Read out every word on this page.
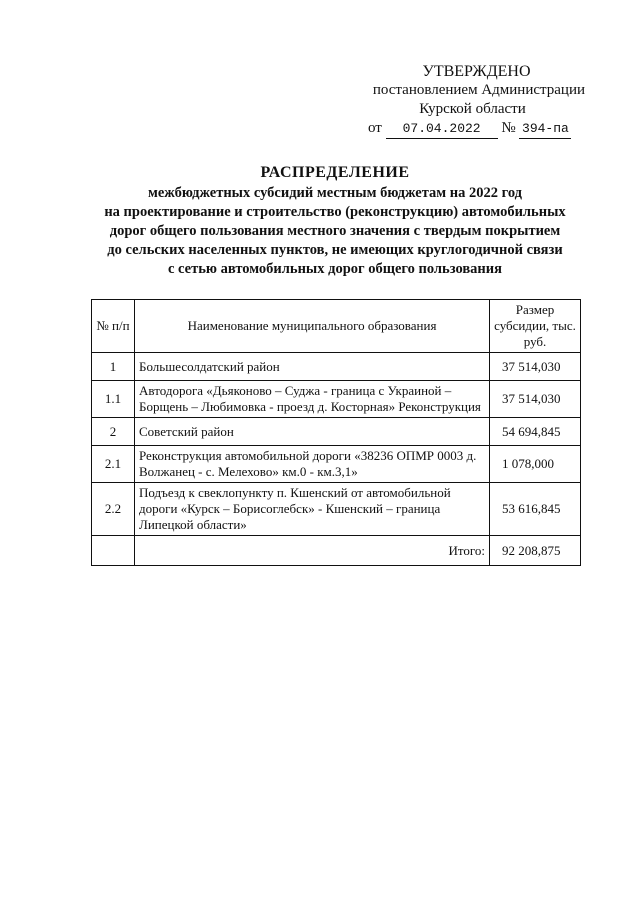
УТВЕРЖДЕНО
постановлением Администрации
Курской области
от 07.04.2022 № 394-па
РАСПРЕДЕЛЕНИЕ
межбюджетных субсидий местным бюджетам на 2022 год
на проектирование и строительство (реконструкцию) автомобильных
дорог общего пользования местного значения с твердым покрытием
до сельских населенных пунктов, не имеющих круглогодичной связи
с сетью автомобильных дорог общего пользования
№ п/п	Наименование муниципального образования	Размер субсидии, тыс. руб.
1	Большесолдатский район	37 514,030
1.1	Автодорога «Дьяконово – Суджа - граница с Украиной – Борщень – Любимовка - проезд д. Косторная» Реконструкция	37 514,030
2	Советский район	54 694,845
2.1	Реконструкция автомобильной дороги «38236 ОПМР 0003 д. Волжанец - с. Мелехово» км.0 - км.3,1»	1 078,000
2.2	Подъезд к свеклопункту п. Кшенский от автомобильной дороги «Курск – Борисоглебск» - Кшенский – граница Липецкой области»	53 616,845
	Итого:	92 208,875
